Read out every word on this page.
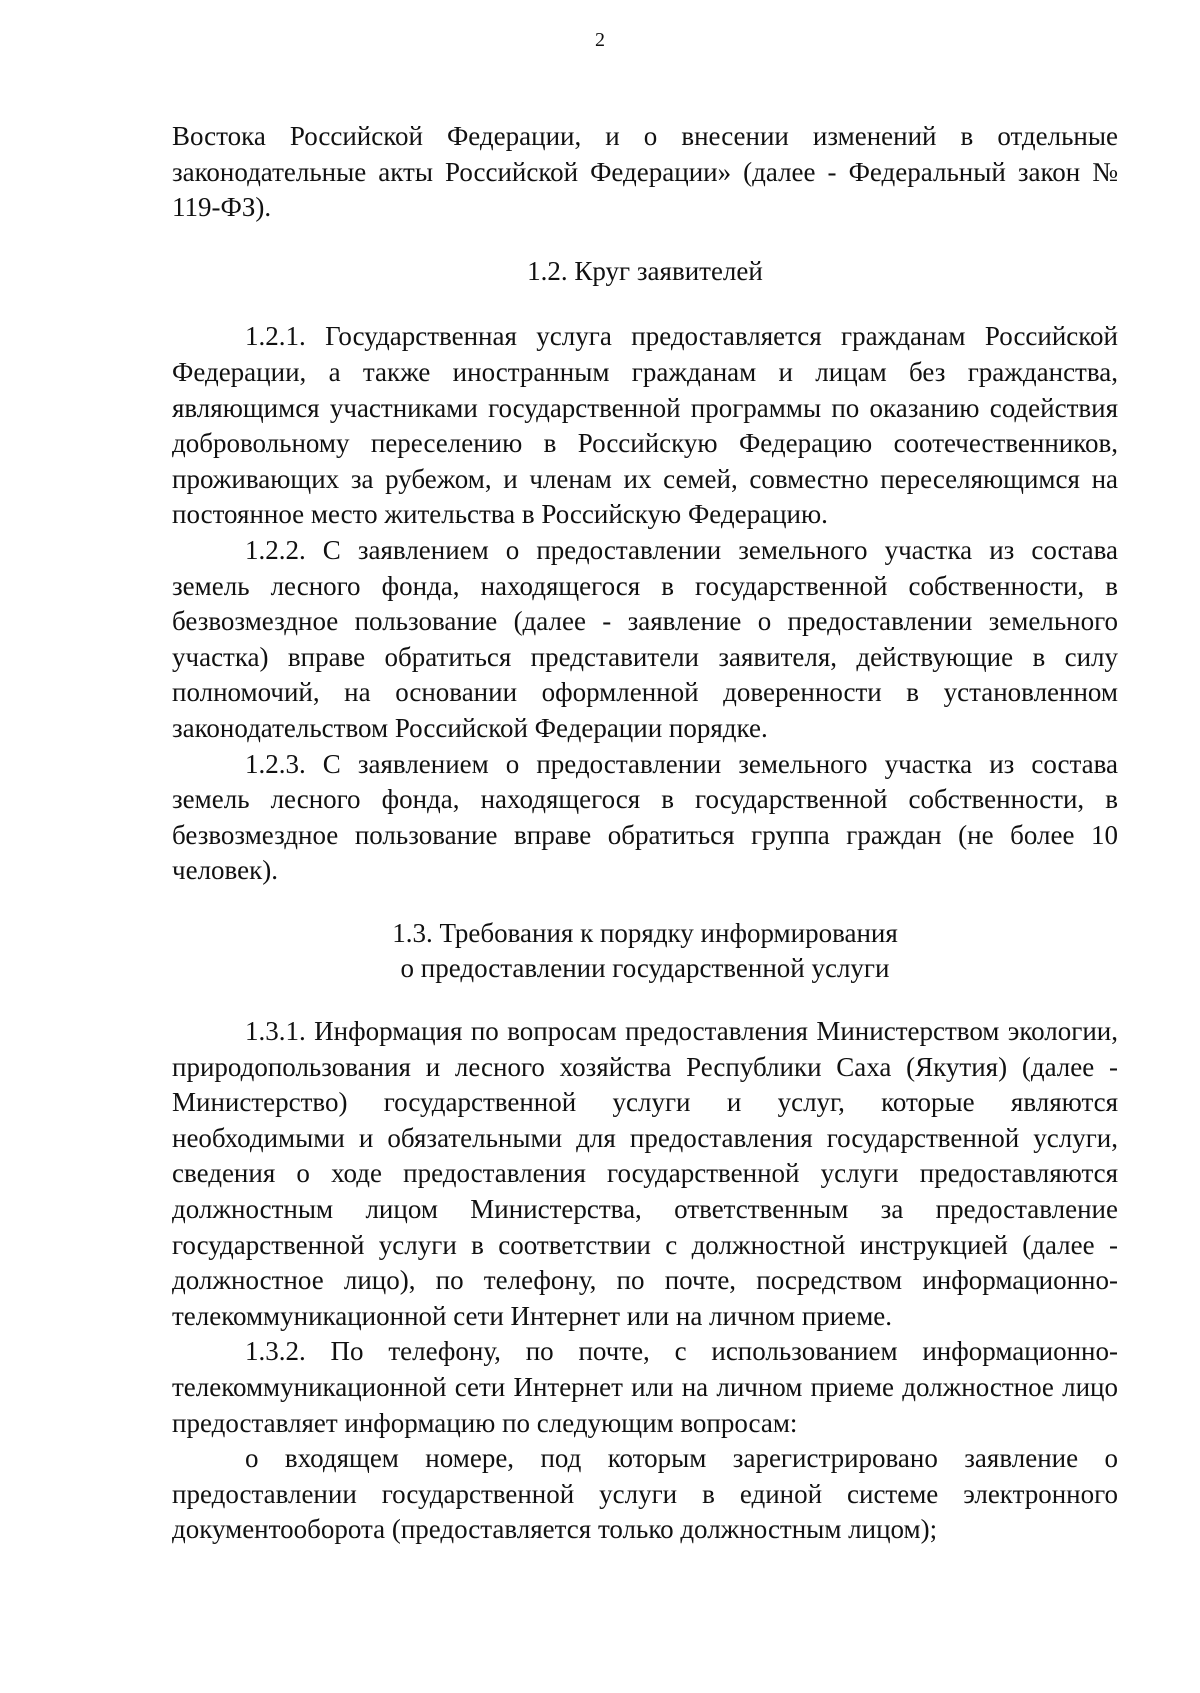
2

Востока Российской Федерации, и о внесении изменений в отдельные законодательные акты Российской Федерации» (далее - Федеральный закон № 119-ФЗ).

1.2. Круг заявителей

1.2.1. Государственная услуга предоставляется гражданам Российской Федерации, а также иностранным гражданам и лицам без гражданства, являющимся участниками государственной программы по оказанию содействия добровольному переселению в Российскую Федерацию соотечественников, проживающих за рубежом, и членам их семей, совместно переселяющимся на постоянное место жительства в Российскую Федерацию.

1.2.2. С заявлением о предоставлении земельного участка из состава земель лесного фонда, находящегося в государственной собственности, в безвозмездное пользование (далее - заявление о предоставлении земельного участка) вправе обратиться представители заявителя, действующие в силу полномочий, на основании оформленной доверенности в установленном законодательством Российской Федерации порядке.

1.2.3. С заявлением о предоставлении земельного участка из состава земель лесного фонда, находящегося в государственной собственности, в безвозмездное пользование вправе обратиться группа граждан (не более 10 человек).

1.3. Требования к порядку информирования
о предоставлении государственной услуги

1.3.1. Информация по вопросам предоставления Министерством экологии, природопользования и лесного хозяйства Республики Саха (Якутия) (далее - Министерство) государственной услуги и услуг, которые являются необходимыми и обязательными для предоставления государственной услуги, сведения о ходе предоставления государственной услуги предоставляются должностным лицом Министерства, ответственным за предоставление государственной услуги в соответствии с должностной инструкцией (далее - должностное лицо), по телефону, по почте, посредством информационно-телекоммуникационной сети Интернет или на личном приеме.

1.3.2. По телефону, по почте, с использованием информационно-телекоммуникационной сети Интернет или на личном приеме должностное лицо предоставляет информацию по следующим вопросам:

о входящем номере, под которым зарегистрировано заявление о предоставлении государственной услуги в единой системе электронного документооборота (предоставляется только должностным лицом);
